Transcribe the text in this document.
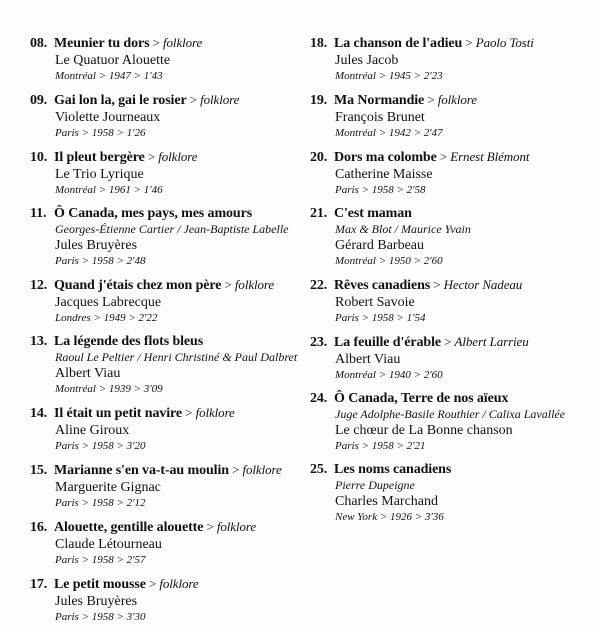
08. Meunier tu dors > folklore
Le Quatuor Alouette
Montréal > 1947 > 1'43
09. Gai lon la, gai le rosier > folklore
Violette Journeaux
Paris > 1958 > 1'26
10. Il pleut bergère > folklore
Le Trio Lyrique
Montréal > 1961 > 1'46
11. Ô Canada, mes pays, mes amours
Georges-Étienne Cartier / Jean-Baptiste Labelle
Jules Bruyères
Paris > 1958 > 2'48
12. Quand j'étais chez mon père > folklore
Jacques Labrecque
Londres > 1949 > 2'22
13. La légende des flots bleus
Raoul Le Peltier / Henri Christiné & Paul Dalbret
Albert Viau
Montréal > 1939 > 3'09
14. Il était un petit navire > folklore
Aline Giroux
Paris > 1958 > 3'20
15. Marianne s'en va-t-au moulin > folklore
Marguerite Gignac
Paris > 1958 > 2'12
16. Alouette, gentille alouette > folklore
Claude Létourneau
Paris > 1958 > 2'57
17. Le petit mousse > folklore
Jules Bruyères
Paris > 1958 > 3'30
18. La chanson de l'adieu > Paolo Tosti
Jules Jacob
Montréal > 1945 > 2'23
19. Ma Normandie > folklore
François Brunet
Montréal > 1942 > 2'47
20. Dors ma colombe > Ernest Blémont
Catherine Maisse
Paris > 1958 > 2'58
21. C'est maman
Max & Blot / Maurice Yvain
Gérard Barbeau
Montréal > 1950 > 2'60
22. Rêves canadiens > Hector Nadeau
Robert Savoie
Paris > 1958 > 1'54
23. La feuille d'érable > Albert Larrieu
Albert Viau
Montréal > 1940 > 2'60
24. Ô Canada, Terre de nos aïeux
Juge Adolphe-Basile Routhier / Calixa Lavallée
Le chœur de La Bonne chanson
Paris > 1958 > 2'21
25. Les noms canadiens
Pierre Dupeigne
Charles Marchand
New York > 1926 > 3'36
